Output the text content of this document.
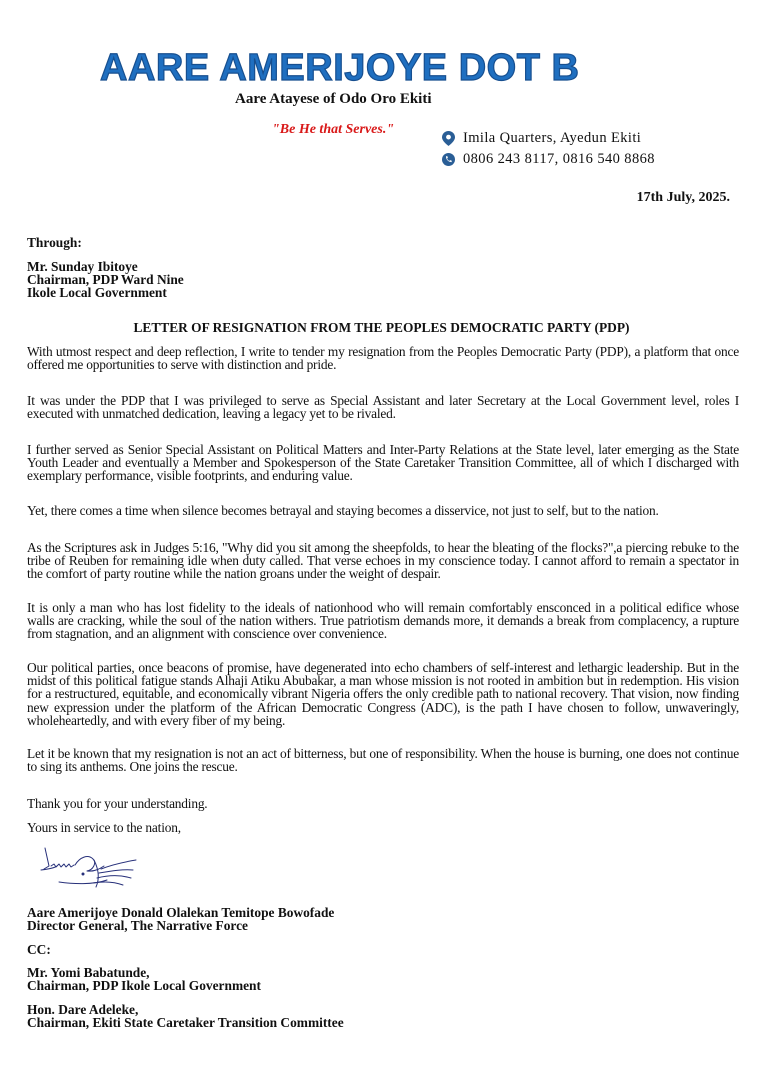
AARE AMERIJOYE DOT B
Aare Atayese of Odo Oro Ekiti
"Be He that Serves."
Imila Quarters, Ayedun Ekiti
0806 243 8117, 0816 540 8868
17th July, 2025.
Through:
Mr. Sunday Ibitoye
Chairman, PDP Ward Nine
Ikole Local Government
LETTER OF RESIGNATION FROM THE PEOPLES DEMOCRATIC PARTY (PDP)

With utmost respect and deep reflection, I write to tender my resignation from the Peoples Democratic Party (PDP), a platform that once offered me opportunities to serve with distinction and pride.

It was under the PDP that I was privileged to serve as Special Assistant and later Secretary at the Local Government level, roles I executed with unmatched dedication, leaving a legacy yet to be rivaled.

I further served as Senior Special Assistant on Political Matters and Inter-Party Relations at the State level, later emerging as the State Youth Leader and eventually a Member and Spokesperson of the State Caretaker Transition Committee, all of which I discharged with exemplary performance, visible footprints, and enduring value.

Yet, there comes a time when silence becomes betrayal and staying becomes a disservice, not just to self, but to the nation.

As the Scriptures ask in Judges 5:16, "Why did you sit among the sheepfolds, to hear the bleating of the flocks?",a piercing rebuke to the tribe of Reuben for remaining idle when duty called. That verse echoes in my conscience today. I cannot afford to remain a spectator in the comfort of party routine while the nation groans under the weight of despair.

It is only a man who has lost fidelity to the ideals of nationhood who will remain comfortably ensconced in a political edifice whose walls are cracking, while the soul of the nation withers. True patriotism demands more, it demands a break from complacency, a rupture from stagnation, and an alignment with conscience over convenience.

Our political parties, once beacons of promise, have degenerated into echo chambers of self-interest and lethargic leadership. But in the midst of this political fatigue stands Alhaji Atiku Abubakar, a man whose mission is not rooted in ambition but in redemption. His vision for a restructured, equitable, and economically vibrant Nigeria offers the only credible path to national recovery. That vision, now finding new expression under the platform of the African Democratic Congress (ADC), is the path I have chosen to follow, unwaveringly, wholeheartedly, and with every fiber of my being.

Let it be known that my resignation is not an act of bitterness, but one of responsibility. When the house is burning, one does not continue to sing its anthems. One joins the rescue.

Thank you for your understanding.

Yours in service to the nation,

Aare Amerijoye Donald Olalekan Temitope Bowofade
Director General, The Narrative Force
CC:
Mr. Yomi Babatunde,
Chairman, PDP Ikole Local Government
Hon. Dare Adeleke,
Chairman, Ekiti State Caretaker Transition Committee
